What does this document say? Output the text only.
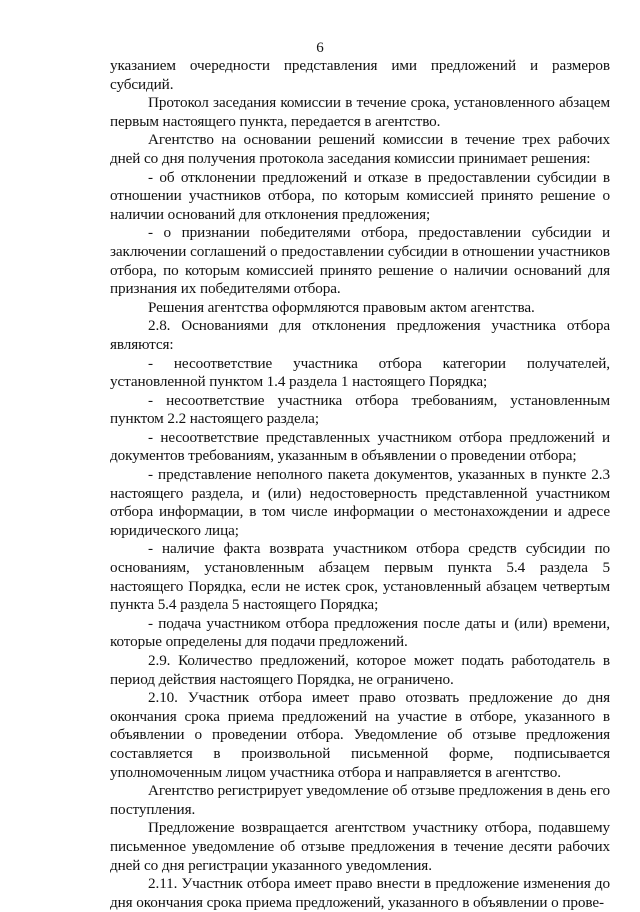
6

указанием очередности представления ими предложений и размеров субсидий.

Протокол заседания комиссии в течение срока, установленного абзацем первым настоящего пункта, передается в агентство.

Агентство на основании решений комиссии в течение трех рабочих дней со дня получения протокола заседания комиссии принимает решения:

- об отклонении предложений и отказе в предоставлении субсидии в отношении участников отбора, по которым комиссией принято решение о наличии оснований для отклонения предложения;

- о признании победителями отбора, предоставлении субсидии и заключении соглашений о предоставлении субсидии в отношении участников отбора, по которым комиссией принято решение о наличии оснований для признания их победителями отбора.

Решения агентства оформляются правовым актом агентства.

2.8. Основаниями для отклонения предложения участника отбора являются:

- несоответствие участника отбора категории получателей, установленной пунктом 1.4 раздела 1 настоящего Порядка;

- несоответствие участника отбора требованиям, установленным пунктом 2.2 настоящего раздела;

- несоответствие представленных участником отбора предложений и документов требованиям, указанным в объявлении о проведении отбора;

- представление неполного пакета документов, указанных в пункте 2.3 настоящего раздела, и (или) недостоверность представленной участником отбора информации, в том числе информации о местонахождении и адресе юридического лица;

- наличие факта возврата участником отбора средств субсидии по основаниям, установленным абзацем первым пункта 5.4 раздела 5 настоящего Порядка, если не истек срок, установленный абзацем четвертым пункта 5.4 раздела 5 настоящего Порядка;

- подача участником отбора предложения после даты и (или) времени, которые определены для подачи предложений.

2.9. Количество предложений, которое может подать работодатель в период действия настоящего Порядка, не ограничено.

2.10. Участник отбора имеет право отозвать предложение до дня окончания срока приема предложений на участие в отборе, указанного в объявлении о проведении отбора. Уведомление об отзыве предложения составляется в произвольной письменной форме, подписывается уполномоченным лицом участника отбора и направляется в агентство.

Агентство регистрирует уведомление об отзыве предложения в день его поступления.

Предложение возвращается агентством участнику отбора, подавшему письменное уведомление об отзыве предложения в течение десяти рабочих дней со дня регистрации указанного уведомления.

2.11. Участник отбора имеет право внести в предложение изменения до дня окончания срока приема предложений, указанного в объявлении о прове-
